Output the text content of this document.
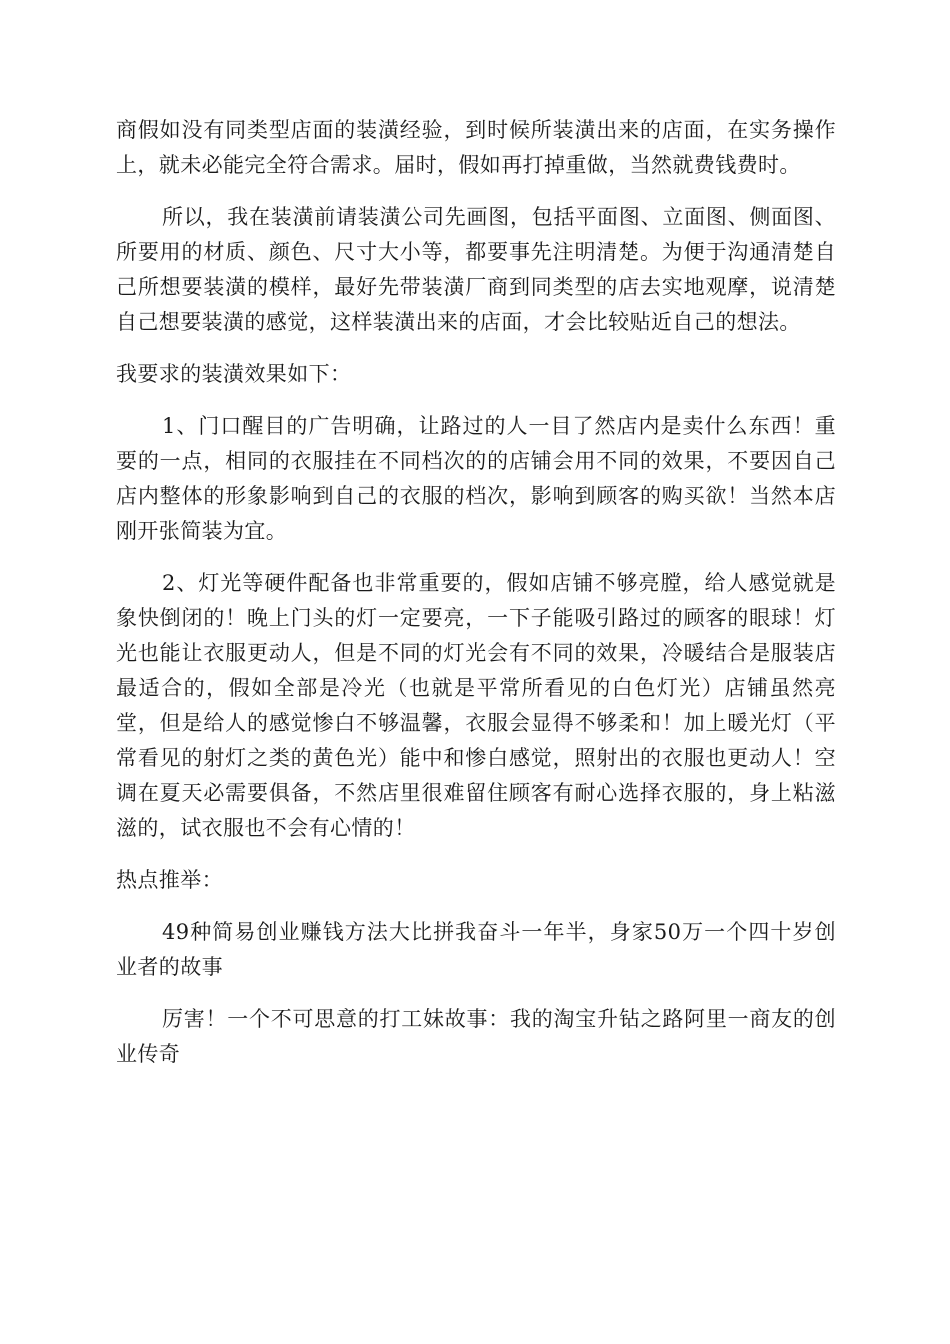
商假如没有同类型店面的装潢经验，到时候所装潢出来的店面，在实务操作上，就未必能完全符合需求。届时，假如再打掉重做，当然就费钱费时。

所以，我在装潢前请装潢公司先画图，包括平面图、立面图、侧面图、所要用的材质、颜色、尺寸大小等，都要事先注明清楚。为便于沟通清楚自己所想要装潢的模样，最好先带装潢厂商到同类型的店去实地观摩，说清楚自己想要装潢的感觉，这样装潢出来的店面，才会比较贴近自己的想法。

我要求的装潢效果如下：

1、门口醒目的广告明确，让路过的人一目了然店内是卖什么东西！重要的一点，相同的衣服挂在不同档次的的店铺会用不同的效果，不要因自己店内整体的形象影响到自己的衣服的档次，影响到顾客的购买欲！当然本店刚开张简装为宜。

2、灯光等硬件配备也非常重要的，假如店铺不够亮膛，给人感觉就是象快倒闭的！晚上门头的灯一定要亮，一下子能吸引路过的顾客的眼球！灯光也能让衣服更动人，但是不同的灯光会有不同的效果，冷暖结合是服装店最适合的，假如全部是冷光（也就是平常所看见的白色灯光）店铺虽然亮堂，但是给人的感觉惨白不够温馨，衣服会显得不够柔和！加上暖光灯（平常看见的射灯之类的黄色光）能中和惨白感觉，照射出的衣服也更动人！空调在夏天必需要俱备，不然店里很难留住顾客有耐心选择衣服的，身上粘滋滋的，试衣服也不会有心情的！

热点推举：

49种简易创业赚钱方法大比拼我奋斗一年半，身家50万一个四十岁创业者的故事

厉害！一个不可思意的打工妹故事：我的淘宝升钻之路阿里一商友的创业传奇
